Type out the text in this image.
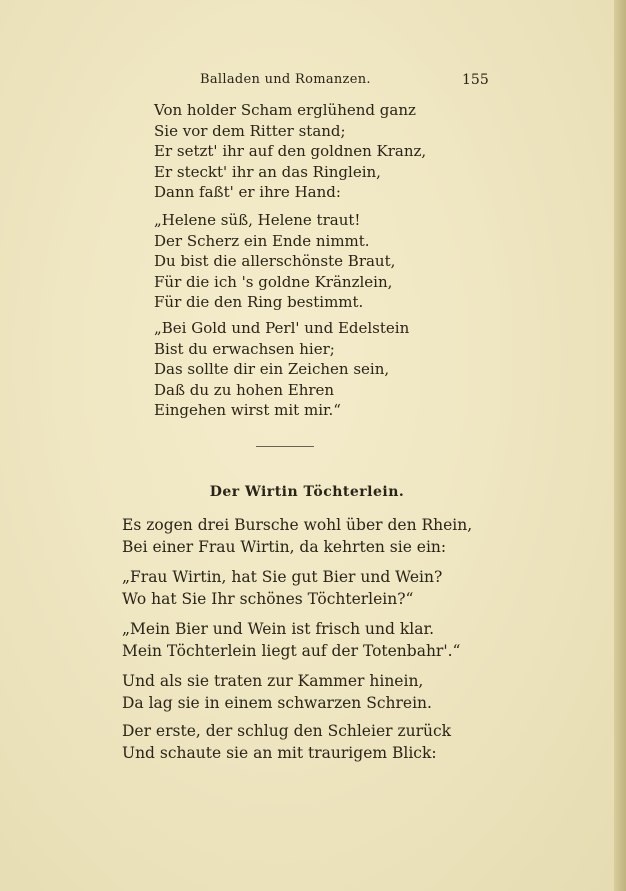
Balladen und Romanzen.	155
Von holder Scham erglühend ganz
Sie vor dem Ritter stand;
Er setzt' ihr auf den goldnen Kranz,
Er steckt' ihr an das Ringlein,
Dann faßt' er ihre Hand:
„Helene süß, Helene traut!
Der Scherz ein Ende nimmt.
Du bist die allerschönste Braut,
Für die ich 's goldne Kränzlein,
Für die den Ring bestimmt.
„Bei Gold und Perl' und Edelstein
Bist du erwachsen hier;
Das sollte dir ein Zeichen sein,
Daß du zu hohen Ehren
Eingehen wirst mit mir.“
Der Wirtin Töchterlein.
Es zogen drei Bursche wohl über den Rhein,
Bei einer Frau Wirtin, da kehrten sie ein:
„Frau Wirtin, hat Sie gut Bier und Wein?
Wo hat Sie Ihr schönes Töchterlein?“
„Mein Bier und Wein ist frisch und klar.
Mein Töchterlein liegt auf der Totenbahr'.“
Und als sie traten zur Kammer hinein,
Da lag sie in einem schwarzen Schrein.
Der erste, der schlug den Schleier zurück
Und schaute sie an mit traurigem Blick:
